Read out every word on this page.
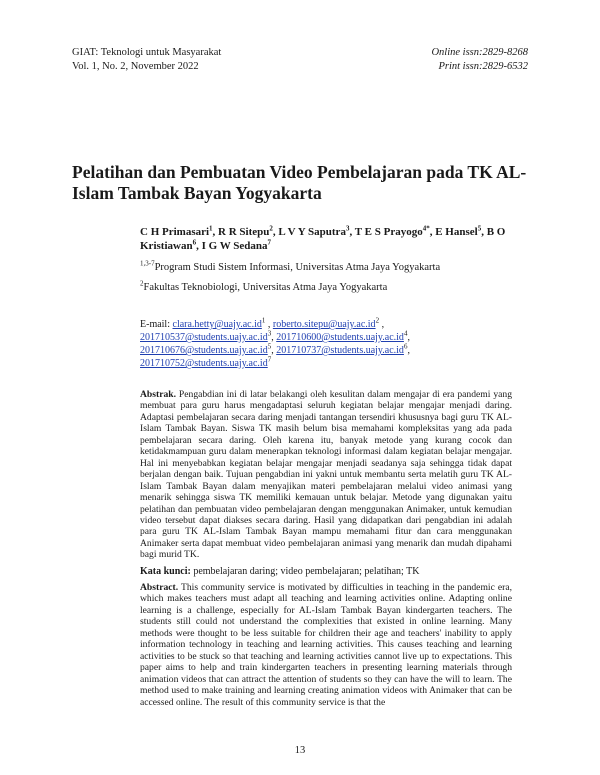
GIAT: Teknologi untuk Masyarakat
Vol. 1, No. 2, November 2022
Online issn:2829-8268
Print issn:2829-6532
Pelatihan dan Pembuatan Video Pembelajaran pada TK AL-Islam Tambak Bayan Yogyakarta
C H Primasari$^1$, R R Sitepu$^2$, L V Y Saputra$^3$, T E S Prayogo$^{4*}$, E Hansel$^5$, B O Kristiawan$^6$, I G W Sedana$^7$
$^{1,3-7}$Program Studi Sistem Informasi, Universitas Atma Jaya Yogyakarta
$^2$Fakultas Teknobiologi, Universitas Atma Jaya Yogyakarta
E-mail: $clara.hetty@uajy.ac.id^1$ , $roberto.sitepu@uajy.ac.id^2$ ,
$201710537@students.uajy.ac.id^3$, $201710600@students.uajy.ac.id^4$,
$201710676@students.uajy.ac.id^5$, $201710737@students.uajy.ac.id^6$,
$201710752@students.uajy.ac.id^7$
Abstrak. Pengabdian ini di latar belakangi oleh kesulitan dalam mengajar di era pandemi yang membuat para guru harus mengadaptasi seluruh kegiatan belajar mengajar menjadi daring. Adaptasi pembelajaran secara daring menjadi tantangan tersendiri khususnya bagi guru TK AL-Islam Tambak Bayan. Siswa TK masih belum bisa memahami kompleksitas yang ada pada pembelajaran secara daring. Oleh karena itu, banyak metode yang kurang cocok dan ketidakmampuan guru dalam menerapkan teknologi informasi dalam kegiatan belajar mengajar. Hal ini menyebabkan kegiatan belajar mengajar menjadi seadanya saja sehingga tidak dapat berjalan dengan baik. Tujuan pengabdian ini yakni untuk membantu serta melatih guru TK AL-Islam Tambak Bayan dalam menyajikan materi pembelajaran melalui video animasi yang menarik sehingga siswa TK memiliki kemauan untuk belajar. Metode yang digunakan yaitu pelatihan dan pembuatan video pembelajaran dengan menggunakan Animaker, untuk kemudian video tersebut dapat diakses secara daring. Hasil yang didapatkan dari pengabdian ini adalah para guru TK AL-Islam Tambak Bayan mampu memahami fitur dan cara menggunakan Animaker serta dapat membuat video pembelajaran animasi yang menarik dan mudah dipahami bagi murid TK.
Kata kunci: pembelajaran daring; video pembelajaran; pelatihan; TK
Abstract. This community service is motivated by difficulties in teaching in the pandemic era, which makes teachers must adapt all teaching and learning activities online. Adapting online learning is a challenge, especially for AL-Islam Tambak Bayan kindergarten teachers. The students still could not understand the complexities that existed in online learning. Many methods were thought to be less suitable for children their age and teachers' inability to apply information technology in teaching and learning activities. This causes teaching and learning activities to be stuck so that teaching and learning activities cannot live up to expectations. This paper aims to help and train kindergarten teachers in presenting learning materials through animation videos that can attract the attention of students so they can have the will to learn. The method used to make training and learning creating animation videos with Animaker that can be accessed online. The result of this community service is that the
13
